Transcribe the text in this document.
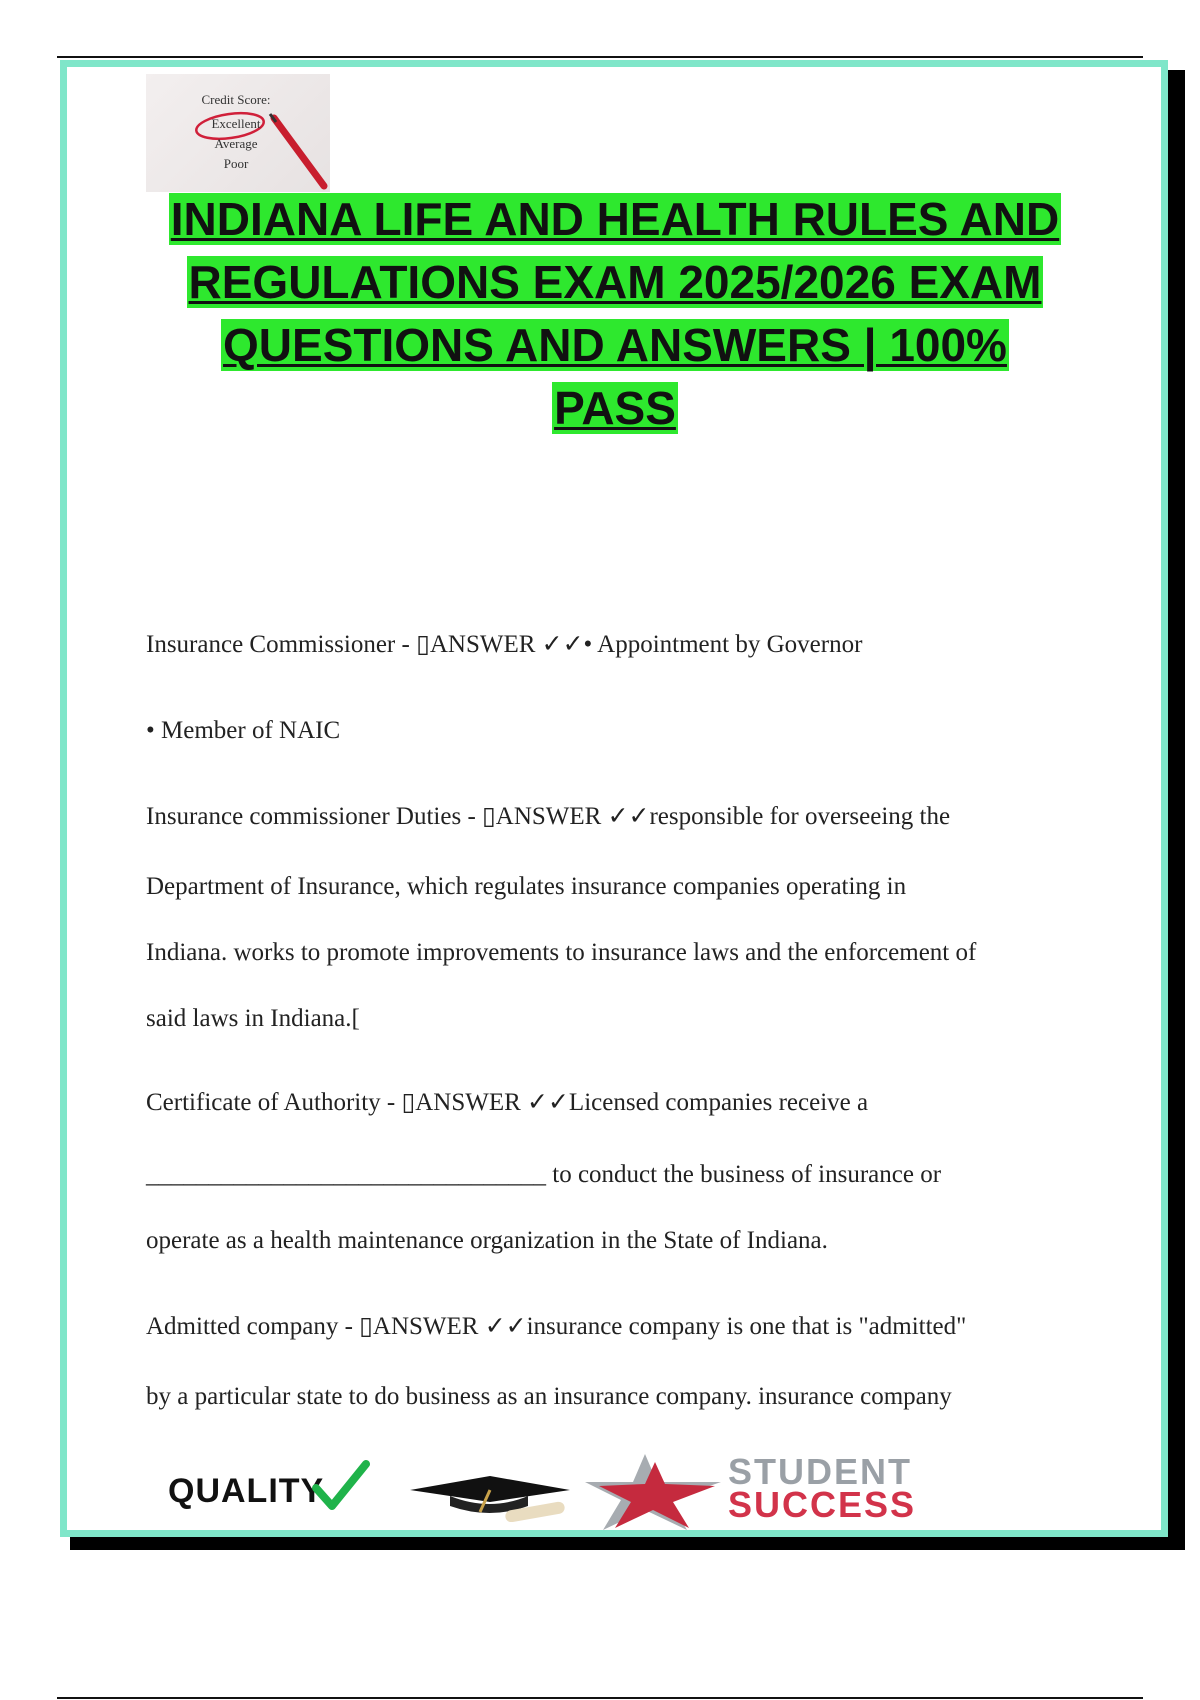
Credit Score:
Excellent
Average
Poor
INDIANA LIFE AND HEALTH RULES AND
REGULATIONS EXAM 2025/2026 EXAM
QUESTIONS AND ANSWERS | 100%
PASS
Insurance Commissioner - ▯ANSWER ✓✓• Appointment by Governor
• Member of NAIC
Insurance commissioner Duties - ▯ANSWER ✓✓responsible for overseeing the
Department of Insurance, which regulates insurance companies operating in
Indiana. works to promote improvements to insurance laws and the enforcement of
said laws in Indiana.[
Certificate of Authority - ▯ANSWER ✓✓Licensed companies receive a
________________________________ to conduct the business of insurance or
operate as a health maintenance organization in the State of Indiana.
Admitted company - ▯ANSWER ✓✓insurance company is one that is "admitted"
by a particular state to do business as an insurance company. insurance company
QUALITY	STUDENT
SUCCESS
